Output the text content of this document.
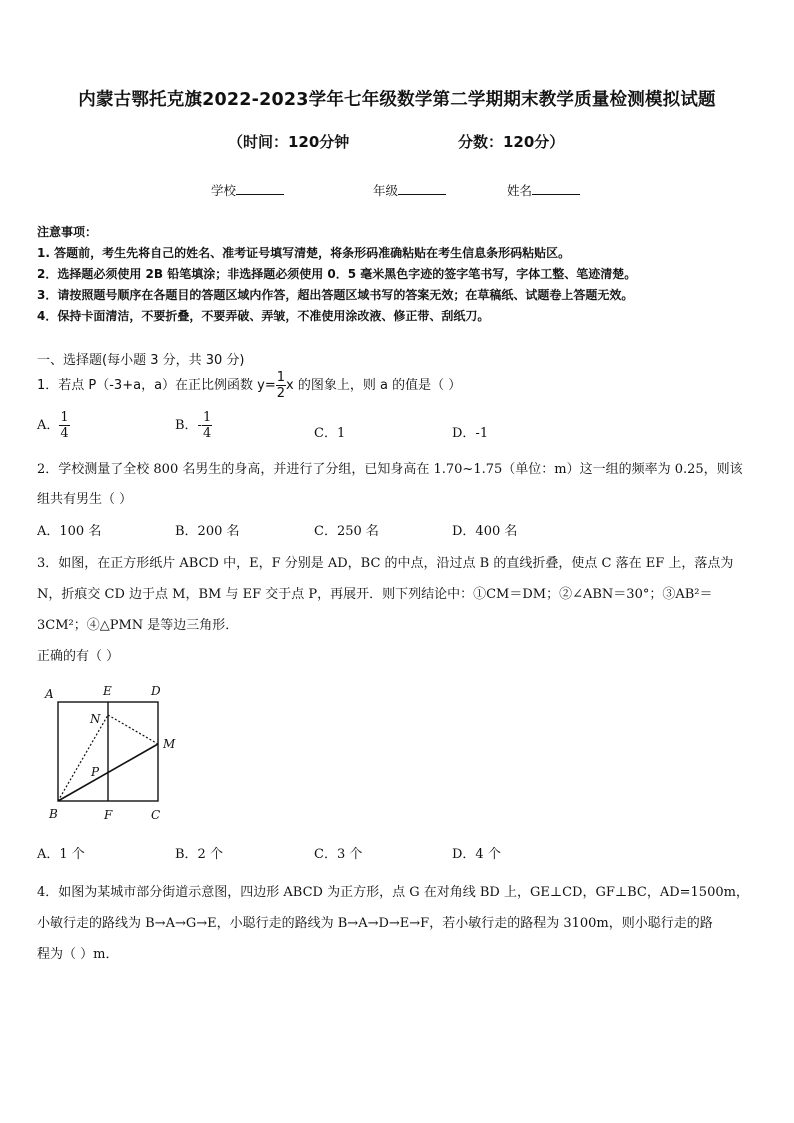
内蒙古鄂托克旗2022-2023学年七年级数学第二学期期末教学质量检测模拟试题
（时间：120分钟	分数：120分）
学校	年级	姓名
注意事项：
1. 答题前，考生先将自己的姓名、准考证号填写清楚，将条形码准确粘贴在考生信息条形码粘贴区。
2．选择题必须使用 2B 铅笔填涂；非选择题必须使用 0．5 毫米黑色字迹的签字笔书写，字体工整、笔迹清楚。
3．请按照题号顺序在各题目的答题区域内作答，超出答题区域书写的答案无效；在草稿纸、试题卷上答题无效。
4．保持卡面清洁，不要折叠，不要弄破、弄皱，不准使用涂改液、修正带、刮纸刀。
一、选择题(每小题 3 分，共 30 分)
1．若点 P（-3+a，a）在正比例函数 $y= \frac{1}{2}$ x 的图象上，则 a 的值是（ ）
A． $\frac{1}{4}$	B．- $\frac{1}{4}$	C．1	D．-1
2．学校测量了全校 800 名男生的身高，并进行了分组，已知身高在 1.70~1.75（单位：m）这一组的频率为 0.25，则该
组共有男生（ ）
A．100 名	B．200 名	C．250 名	D．400 名
3．如图，在正方形纸片 ABCD 中，E，F 分别是 AD，BC 的中点，沿过点 B 的直线折叠，使点 C 落在 EF 上，落点为
N，折痕交 CD 边于点 M，BM 与 EF 交于点 P，再展开．则下列结论中：①CM＝DM；②∠ABN＝30°；③AB²＝
3CM²；④△PMN 是等边三角形．
正确的有（ ）
A	E	D
N
M
P
B	F	C
A．1 个	B．2 个	C．3 个	D．4 个
4．如图为某城市部分街道示意图，四边形 ABCD 为正方形，点 G 在对角线 BD 上，GE⊥CD，GF⊥BC，AD=1500m，
小敏行走的路线为 B→A→G→E，小聪行走的路线为 B→A→D→E→F，若小敏行走的路程为 3100m，则小聪行走的路
程为（ ）m．
